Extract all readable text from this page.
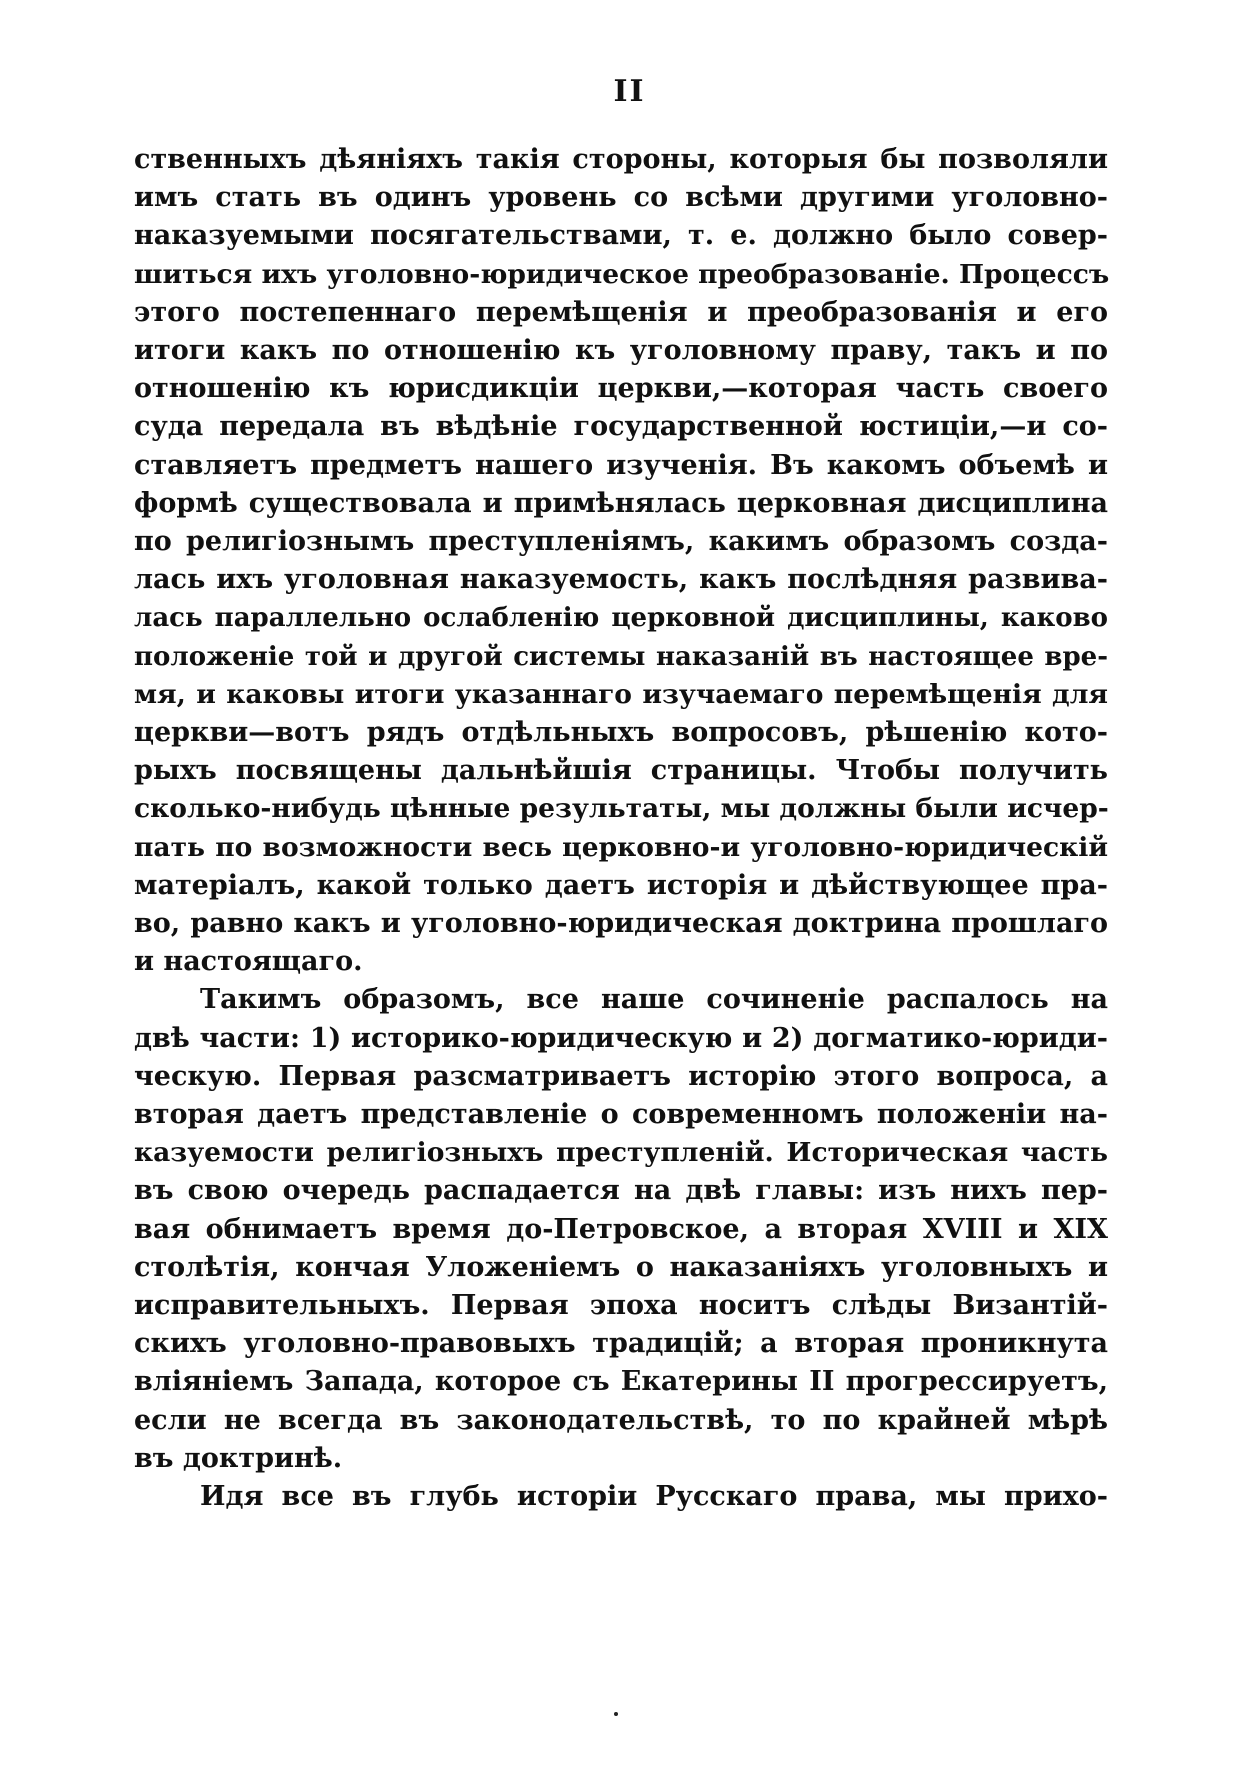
II
ственныхъ дѣяніяхъ такія стороны, которыя бы позволяли
имъ стать въ одинъ уровень со всѣми другими уголовно-
наказуемыми посягательствами, т. е. должно было совер-
шиться ихъ уголовно-юридическое преобразованіе. Процессъ
этого постепеннаго перемѣщенія и преобразованія и его
итоги какъ по отношенію къ уголовному праву, такъ и по
отношенію къ юрисдикціи церкви,—которая часть своего
суда передала въ вѣдѣніе государственной юстиціи,—и со-
ставляетъ предметъ нашего изученія. Въ какомъ объемѣ и
формѣ существовала и примѣнялась церковная дисциплина
по религіознымъ преступленіямъ, какимъ образомъ созда-
лась ихъ уголовная наказуемость, какъ послѣдняя развива-
лась параллельно ослабленію церковной дисциплины, каково
положеніе той и другой системы наказаній въ настоящее вре-
мя, и каковы итоги указаннаго изучаемаго перемѣщенія для
церкви—вотъ рядъ отдѣльныхъ вопросовъ, рѣшенію кото-
рыхъ посвящены дальнѣйшія страницы. Чтобы получить
сколько-нибудь цѣнные результаты, мы должны были исчер-
пать по возможности весь церковно-и уголовно-юридическій
матеріалъ, какой только даетъ исторія и дѣйствующее пра-
во, равно какъ и уголовно-юридическая доктрина прошлаго
и настоящаго.
Такимъ образомъ, все наше сочиненіе распалось на
двѣ части: 1) историко-юридическую и 2) догматико-юриди-
ческую. Первая разсматриваетъ исторію этого вопроса, а
вторая даетъ представленіе о современномъ положеніи на-
казуемости религіозныхъ преступленій. Историческая часть
въ свою очередь распадается на двѣ главы: изъ нихъ пер-
вая обнимаетъ время до-Петровское, а вторая XVIII и XIX
столѣтія, кончая Уложеніемъ о наказаніяхъ уголовныхъ и
исправительныхъ. Первая эпоха носитъ слѣды Византій-
скихъ уголовно-правовыхъ традицій; а вторая проникнута
вліяніемъ Запада, которое съ Екатерины II прогрессируетъ,
если не всегда въ законодательствѣ, то по крайней мѣрѣ
въ доктринѣ.
Идя все въ глубь исторіи Русскаго права, мы прихо-
